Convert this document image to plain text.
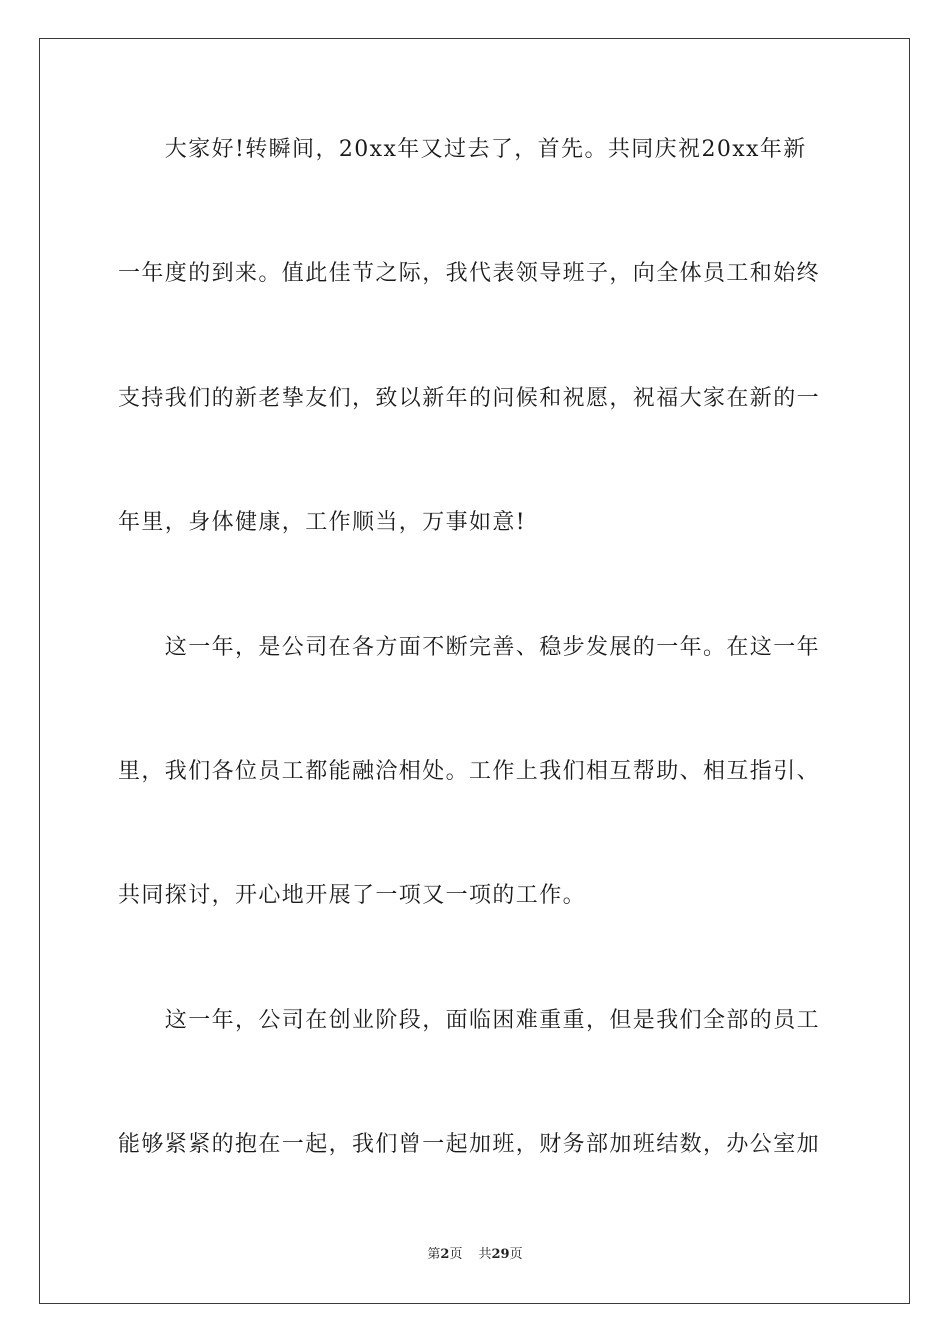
　　大家好!转瞬间，20xx年又过去了，首先。共同庆祝20xx年新
一年度的到来。值此佳节之际，我代表领导班子，向全体员工和始终
支持我们的新老挚友们，致以新年的问候和祝愿，祝福大家在新的一
年里，身体健康，工作顺当，万事如意!
　　这一年，是公司在各方面不断完善、稳步发展的一年。在这一年
里，我们各位员工都能融洽相处。工作上我们相互帮助、相互指引、
共同探讨，开心地开展了一项又一项的工作。
　　这一年，公司在创业阶段，面临困难重重，但是我们全部的员工
能够紧紧的抱在一起，我们曾一起加班，财务部加班结数，办公室加
第2页 共29页
